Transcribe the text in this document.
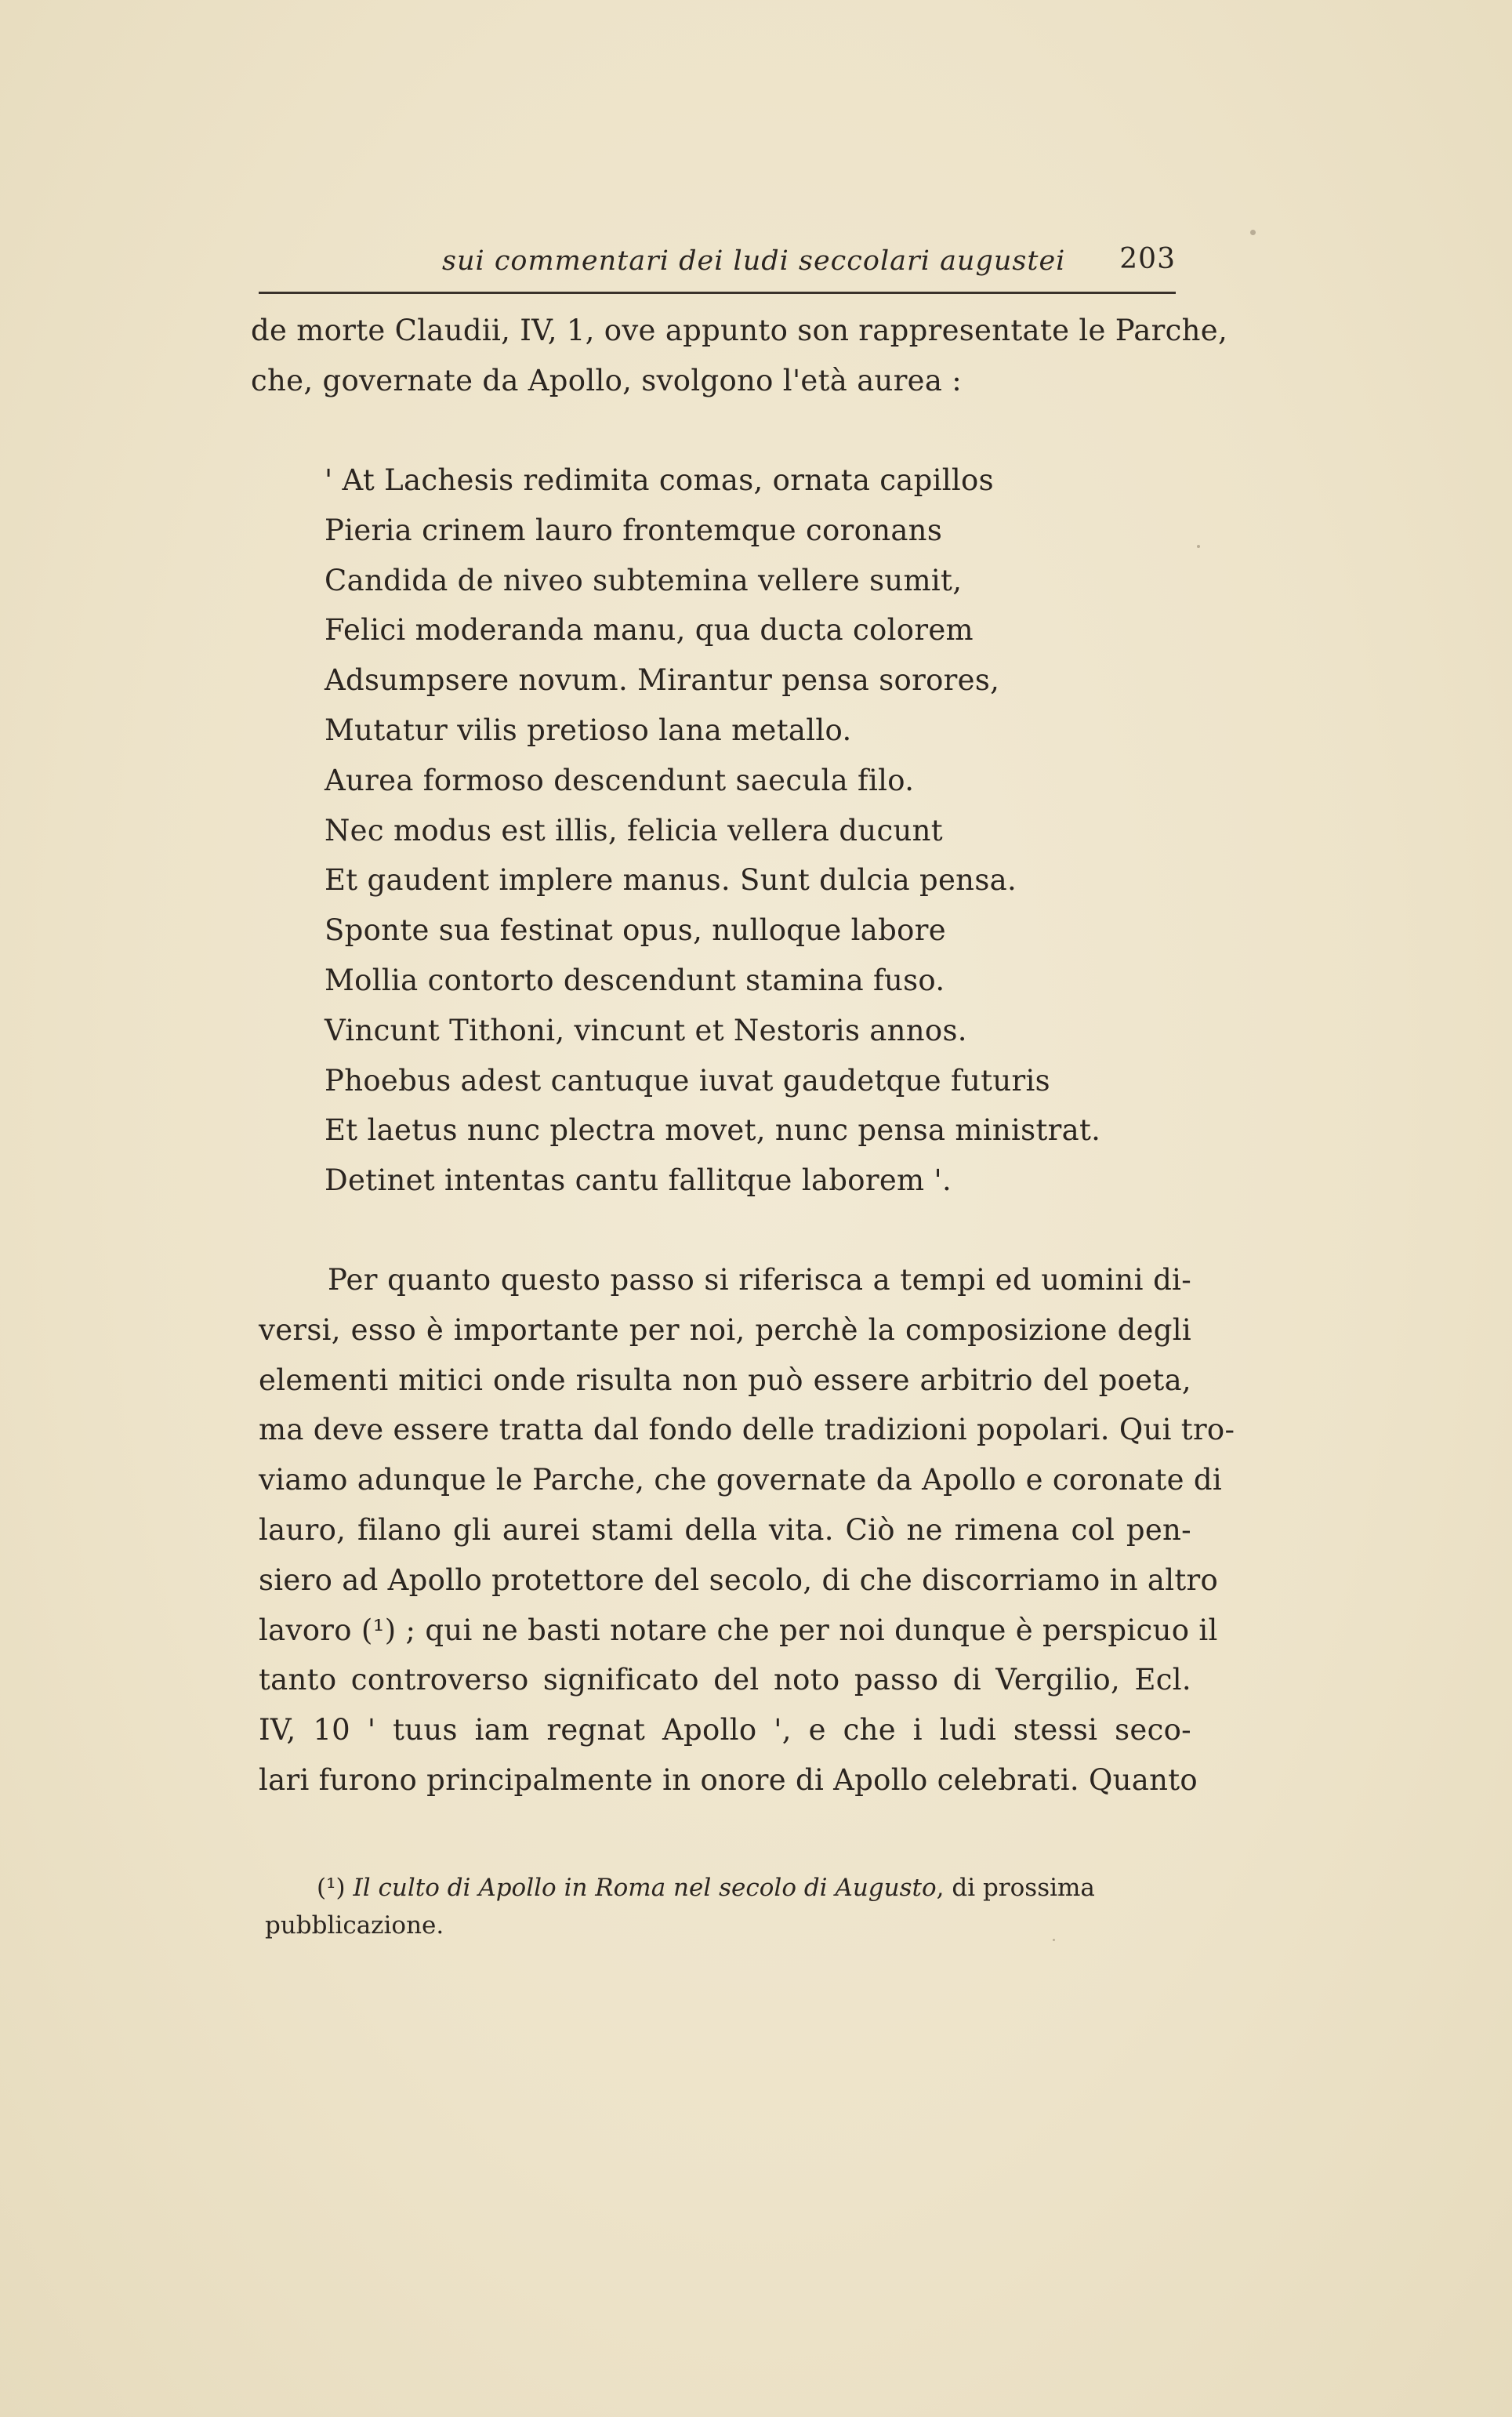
sui commentari dei ludi seccolari augustei 203
de morte Claudii, IV, 1, ove appunto son rappresentate le Parche,
che, governate da Apollo, svolgono l'età aurea :
' At Lachesis redimita comas, ornata capillos
Pieria crinem lauro frontemque coronans
Candida de niveo subtemina vellere sumit,
Felici moderanda manu, qua ducta colorem
Adsumpsere novum. Mirantur pensa sorores,
Mutatur vilis pretioso lana metallo.
Aurea formoso descendunt saecula filo.
Nec modus est illis, felicia vellera ducunt
Et gaudent implere manus. Sunt dulcia pensa.
Sponte sua festinat opus, nulloque labore
Mollia contorto descendunt stamina fuso.
Vincunt Tithoni, vincunt et Nestoris annos.
Phoebus adest cantuque iuvat gaudetque futuris
Et laetus nunc plectra movet, nunc pensa ministrat.
Detinet intentas cantu fallitque laborem '.
Per quanto questo passo si riferisca a tempi ed uomini di-
versi, esso è importante per noi, perchè la composizione degli
elementi mitici onde risulta non può essere arbitrio del poeta,
ma deve essere tratta dal fondo delle tradizioni popolari. Qui tro-
viamo adunque le Parche, che governate da Apollo e coronate di
lauro, filano gli aurei stami della vita. Ciò ne rimena col pen-
siero ad Apollo protettore del secolo, di che discorriamo in altro
lavoro (¹) ; qui ne basti notare che per noi dunque è perspicuo il
tanto controverso significato del noto passo di Vergilio, Ecl.
IV, 10 ' tuus iam regnat Apollo ', e che i ludi stessi seco-
lari furono principalmente in onore di Apollo celebrati. Quanto
(¹) Il culto di Apollo in Roma nel secolo di Augusto, di prossima
pubblicazione.
